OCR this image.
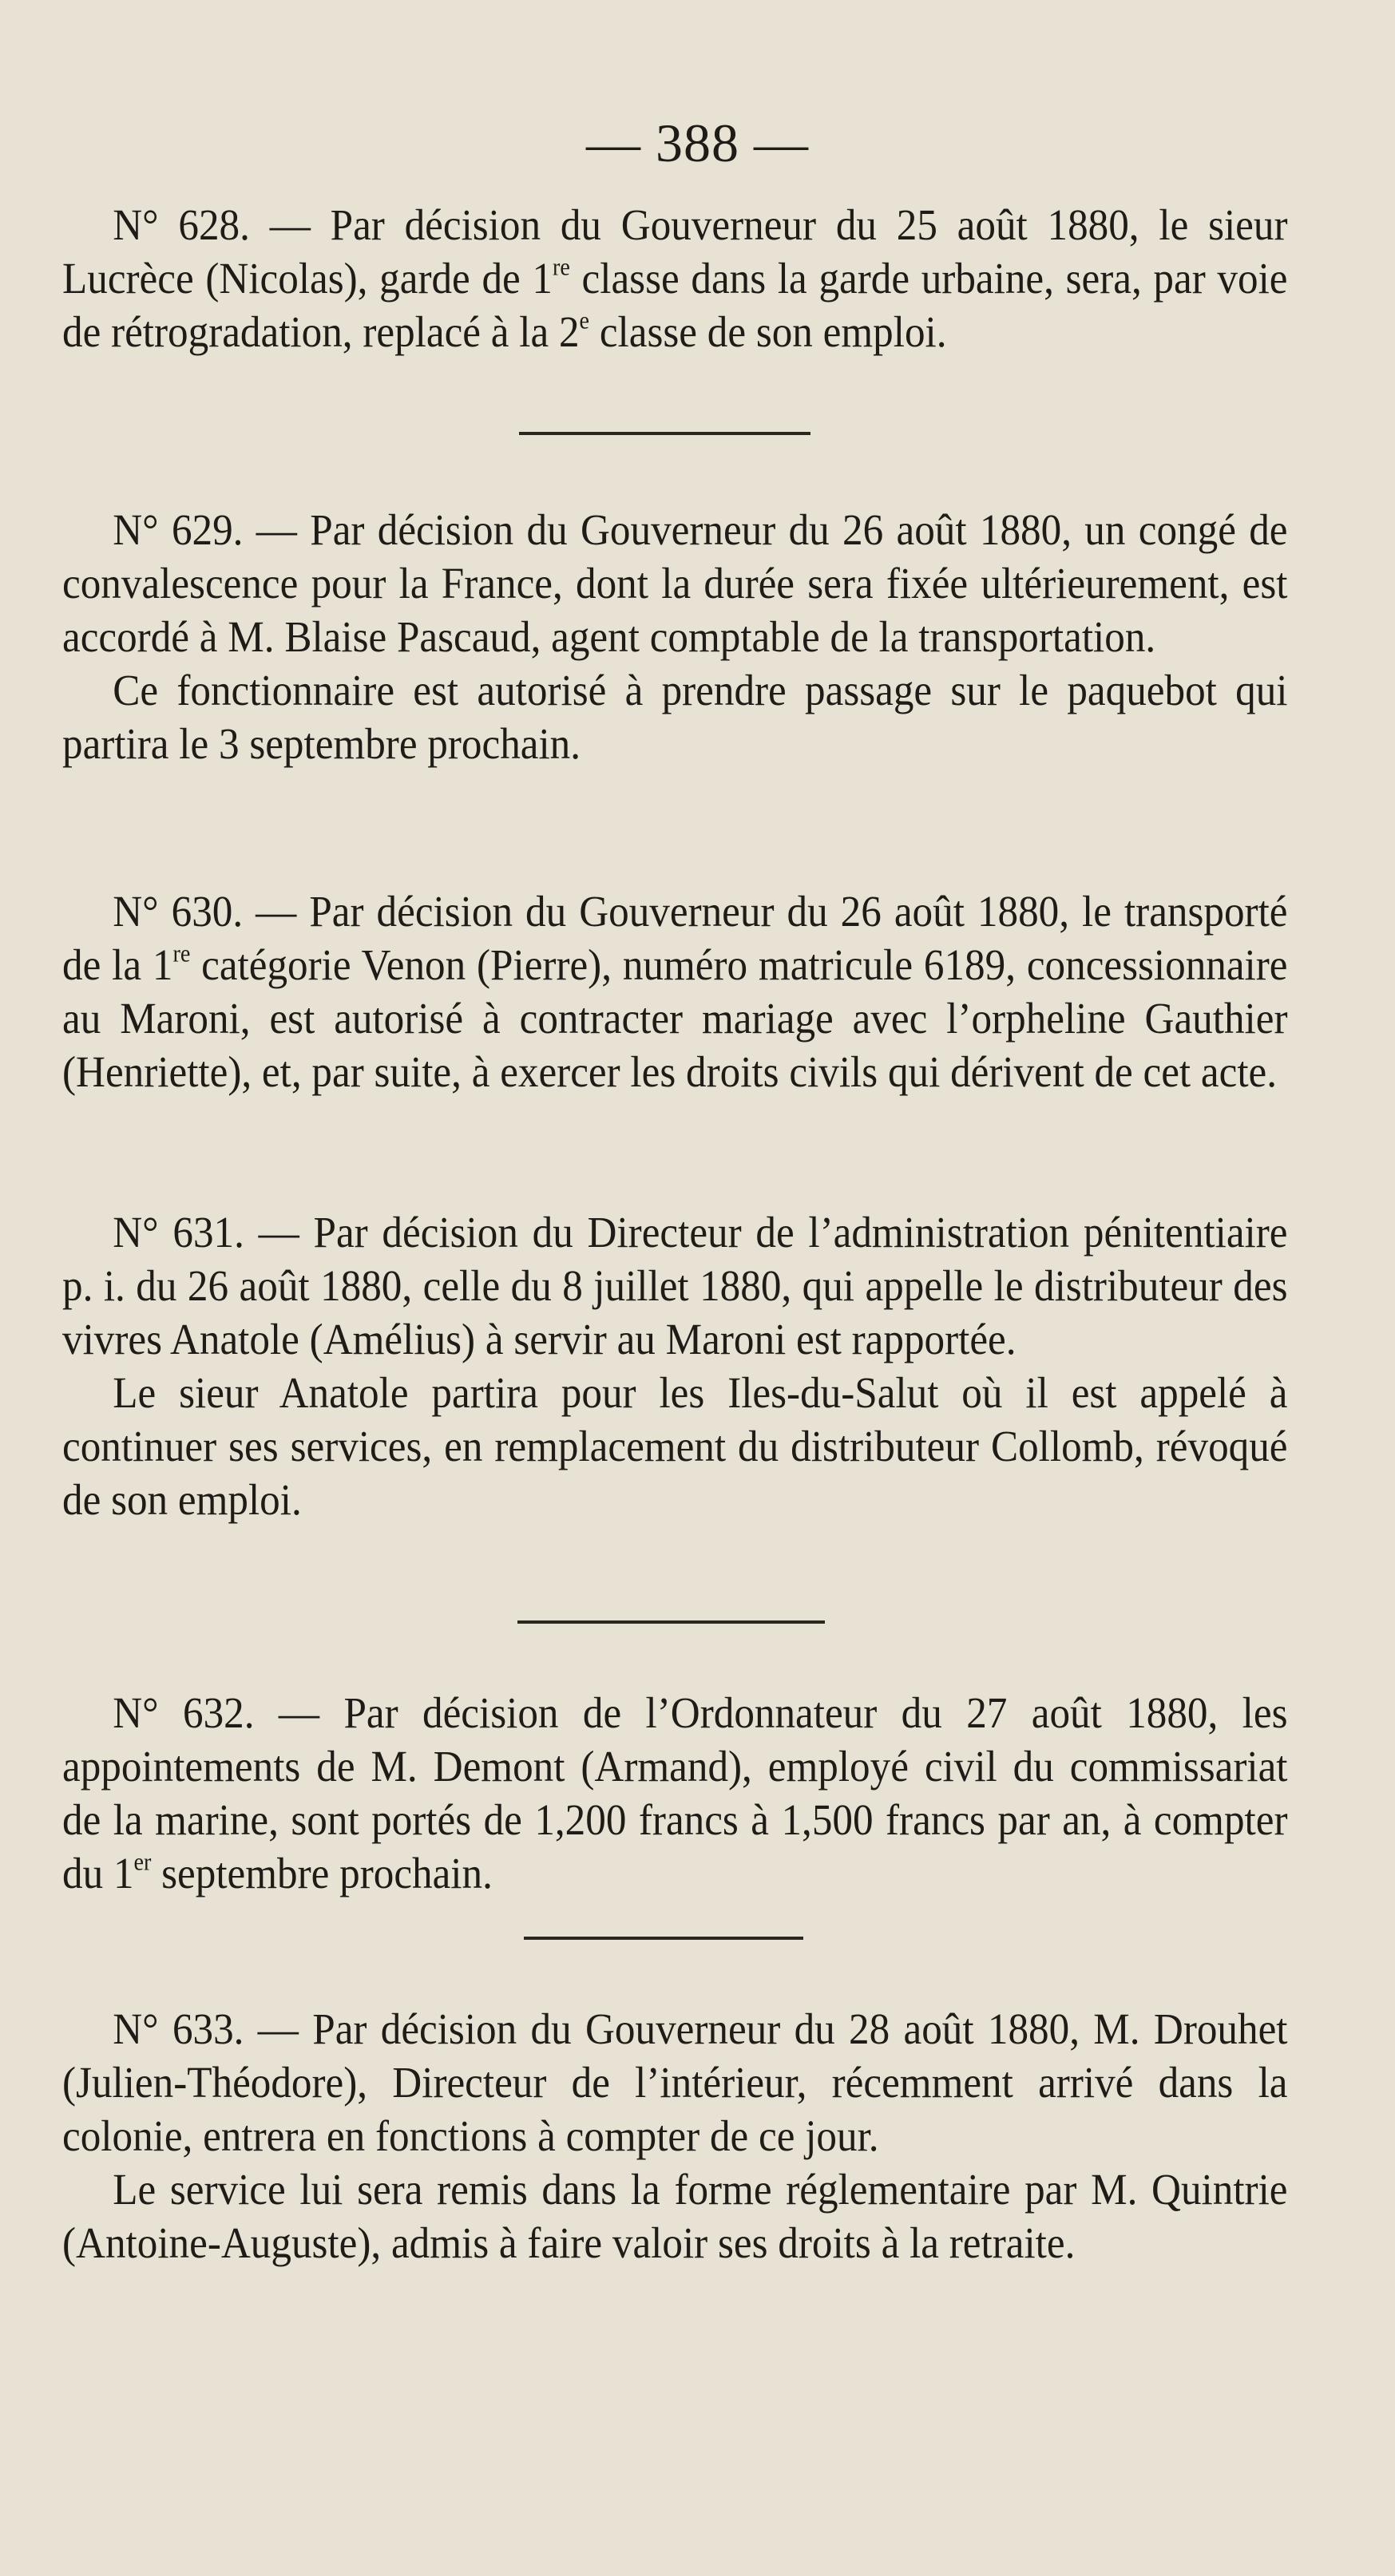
— 388 —

N° 628. — Par décision du Gouverneur du 25 août 1880, le sieur Lucrèce (Nicolas), garde de 1re classe dans la garde urbaine, sera, par voie de rétrogradation, replacé à la 2e classe de son emploi.

N° 629. — Par décision du Gouverneur du 26 août 1880, un congé de convalescence pour la France, dont la durée sera fixée ultérieurement, est accordé à M. Blaise Pascaud, agent comptable de la transportation.

Ce fonctionnaire est autorisé à prendre passage sur le paquebot qui partira le 3 septembre prochain.

N° 630. — Par décision du Gouverneur du 26 août 1880, le transporté de la 1re catégorie Venon (Pierre), numéro matricule 6189, concessionnaire au Maroni, est autorisé à contracter mariage avec l’orpheline Gauthier (Henriette), et, par suite, à exercer les droits civils qui dérivent de cet acte.

N° 631. — Par décision du Directeur de l’administration pénitentiaire p. i. du 26 août 1880, celle du 8 juillet 1880, qui appelle le distributeur des vivres Anatole (Amélius) à servir au Maroni est rapportée.

Le sieur Anatole partira pour les Iles-du-Salut où il est appelé à continuer ses services, en remplacement du distributeur Collomb, révoqué de son emploi.

N° 632. — Par décision de l’Ordonnateur du 27 août 1880, les appointements de M. Demont (Armand), employé civil du commissariat de la marine, sont portés de 1,200 francs à 1,500 francs par an, à compter du 1er septembre prochain.

N° 633. — Par décision du Gouverneur du 28 août 1880, M. Drouhet (Julien-Théodore), Directeur de l’intérieur, récemment arrivé dans la colonie, entrera en fonctions à compter de ce jour.

Le service lui sera remis dans la forme réglementaire par M. Quintrie (Antoine-Auguste), admis à faire valoir ses droits à la retraite.
